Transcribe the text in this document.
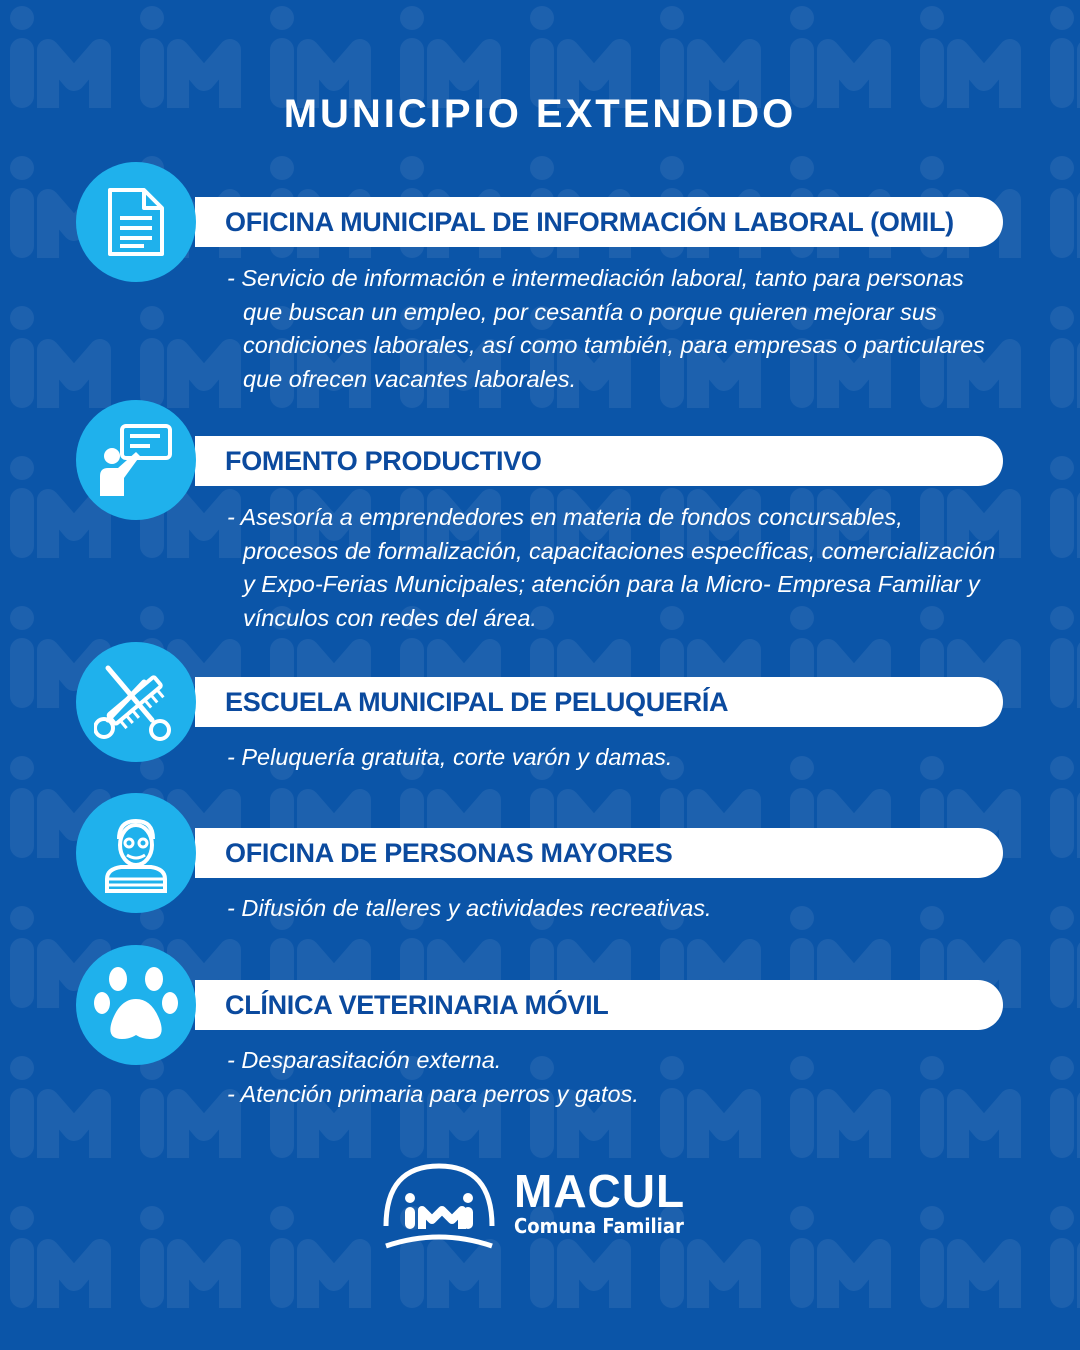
MUNICIPIO EXTENDIDO
OFICINA MUNICIPAL DE INFORMACIÓN LABORAL (OMIL)

- Servicio de información e intermediación laboral, tanto para personas que buscan un empleo, por cesantía o porque quieren mejorar sus condiciones laborales, así como también, para empresas o particulares que ofrecen vacantes laborales.

FOMENTO PRODUCTIVO

- Asesoría a emprendedores en materia de fondos concursables, procesos de formalización, capacitaciones específicas, comercialización y Expo-Ferias Municipales; atención para la Micro- Empresa Familiar y vínculos con redes del área.

ESCUELA MUNICIPAL DE PELUQUERÍA

- Peluquería gratuita, corte varón y damas.

OFICINA DE PERSONAS MAYORES

- Difusión de talleres y actividades recreativas.

CLÍNICA VETERINARIA MÓVIL

- Desparasitación externa.

- Atención primaria para perros y gatos.

MACUL
Comuna Familiar
